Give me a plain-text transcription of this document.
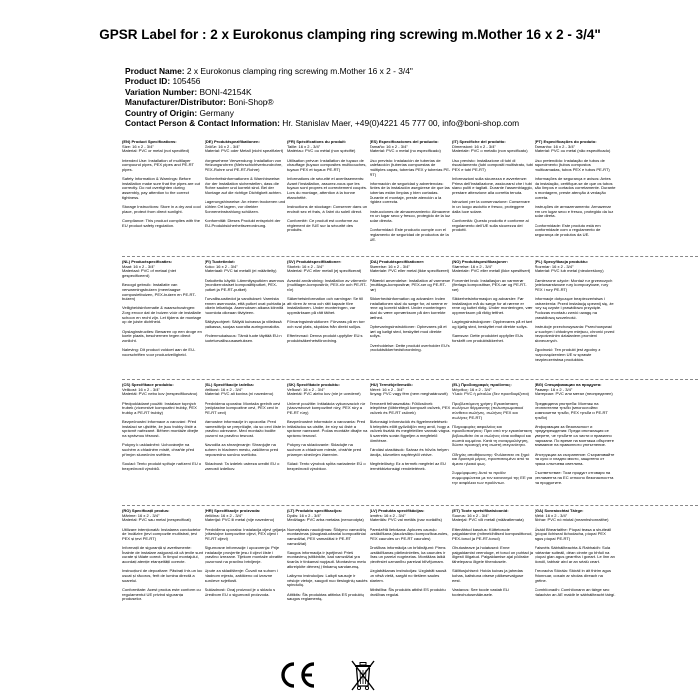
GPSR Label for : 2 x Eurokonus clamping ring screwing m.Mother 16 x 2 - 3/4"
Product Name: 2 x Eurokonus clamping ring screwing m.Mother 16 x 2 - 3/4"
Product ID: 105456
Variation Number: BONI-42154K
Manufacturer/Distributor: Boni-Shop®
Country of Origin: Germany
Contact Person & Contact Information: Hr. Stanislav Maer, +49(0)4221 45 777 00, info@boni-shop.com
(EN) Product Specifications:
Size: 16 x 2 - 3/4"
Material: PVC or metal (not specified)
Intended Use: Installation of multilayer compound pipes, PEX pipes and PE-RT pipes.
Safety Information & Warnings: Before installation make sure that the pipes are cut correctly. Do not overtighten during assembly, pay attention to the correct tightness.
Storage Instructions: Store in a dry and cool place, protect from direct sunlight.
Compliance: This product complies with the EU product safety regulation.
(DE) Produktspezifikationen:
Größe: 16 x 2 - 3/4"
Material: PVC oder Metall (nicht spezifiziert)
Vorgesehene Verwendung: Installation von Heizungsrohren (Mehrschichtverbundrohre, PEX-Rohre und PE-RT-Rohre)
Sicherheitsinformationen & Warnhinweise: Vor der Installation sicherstellen, dass die Rohre sauber und korrekt sind. Bei der Montage auf die richtige Dichtigkeit achten.
Lagerungshinweise: An einem trockenen und kühlen Ort lagern, vor direkter Sonneneinstrahlung schützen.
Konformität: Dieses Produkt entspricht der EU-Produktsicherheitsverordnung.
(FR) Spécifications du produit:
Taille: 16 x 2 - 3/4"
Matériau: PVC ou métal (non spécifié)
Utilisation prévue: Installation de tuyaux de chauffage (tuyaux composites multicouches, tuyaux PEX et tuyaux PE-RT)
Informations de sécurité et avertissements: Avant l'installation, assurez-vous que les tuyaux sont propres et correctement coupés. Lors du montage, attention à la bonne étanchéité.
Instructions de stockage: Conserver dans un endroit sec et frais, à l'abri du soleil direct.
Conformité: Ce produit est conforme au règlement de l'UE sur la sécurité des produits.
(ES) Especificaciones del producto:
Tamaño: 16 x 2 - 3/4"
Material: PVC o metal (no especificado)
Uso previsto: Instalación de tuberías de calefacción (tuberías compuestas de múltiples capas, tuberías PEX y tuberías PE-RT)
Información de seguridad y advertencias: Antes de la instalación asegúrese de que las tuberías están limpias y bien cortadas. Durante el montaje, preste atención a la rigidez correcta.
Instrucciones de almacenamiento: Almacene en un lugar seco y fresco, protegido de la luz solar directa.
Conformidad: Este producto cumple con el reglamento de seguridad de productos de la UE.
(IT) Specifiche del prodotto:
Dimensioni: 16 x 2 - 3/4"
Materiale: PVC o metallo (non specificato)
Uso previsto: Installazione di tubi di riscaldamento (tubi compositi multistrato, tubi PEX e tubi PE-RT)
Informazioni sulla sicurezza e avvertenze: Prima dell'installazione, assicurarsi che i tubi siano puliti e tagliati. Durante l'assemblaggio, prestare attenzione alla corretta tenuta.
Istruzioni per la conservazione: Conservare in un luogo asciutto e fresco, proteggere dalla luce solare.
Conformità: Questo prodotto è conforme al regolamento dell'UE sulla sicurezza dei prodotti.
(PT) Especificações do produto:
Tamanho: 16 x 2 - 3/4"
Material: PVC ou metal (não especificado)
Uso pretendido: Instalação de tubos de aquecimento (tubos compostos multicamadas, tubos PEX e tubos PE-RT)
Informações de segurança e avisos: Antes da instalação, certifique-se de que os tubos são limpos e cortados corretamente. Durante a montagem, preste atenção à vedação correta.
Instruções de armazenamento: Armazenar em um lugar seco e fresco, protegido da luz solar direta.
Conformidade: Este produto está em conformidade com o regulamento de segurança de produtos da UE.
(NL) Productspecificaties:
Maat: 16 x 2 - 3/4"
Materiaal: PVC of metaal (niet gespecificeerd)
Beoogd gebruik: Installatie van verwarmingsbuizen (meerlaagse composietbuizen, PEX-buizen en PE-RT-buizen)
Veiligheidsinformatie & waarschuwingen: Zorg ervoor dat de buizen vóór de installatie schoon en recht zijn. Let tijdens de montage op de juiste dichtheid.
Opslaginstructies: Bewaren op een droge en koele plaats, beschermen tegen direct zonlicht.
Naleving: Dit product voldoet aan de EU-voorschriften voor productveiligheid.
(FI) Tuotetiedot:
Koko: 16 x 2 - 3/4"
Materiaali: PVC tai metalli (ei määritelty)
Tarkoitettu käyttö: Lämmitysputkien asennus (monikerroksiset komposiittiputket, PEX-putket ja PE-RT-putket)
Turvallisuustiedot ja varoitukset: Varmista ennen asennusta, että putket ovat puhtaita ja oikein leikattuja. Asennuksen aikana kiinnitä huomiota oikeaan tiiviyteen.
Säilytysohjeet: Säilytä kuivassa ja viileässä paikassa, suojaa suoralta auringonvalolta.
Yhdenmukaisuus: Tämä tuote täyttää EU:n tuoteturvallisuusasetuksen.
(SV) Produktspecifikationer:
Storlek: 16 x 2 - 3/4"
Material: PVC eller metall (ej specificerat)
Avsedd användning: Installation av värmerör (multilager-kompositrör, PEX-rör och PE-RT-rör)
Säkerhetsinformation och varningar: Se till att rören är rena och rätt kapade före installationen. Under monteringen, var uppmärksam på rätt täthet.
Förvaringsinstruktioner: Förvaras på en torr och sval plats, skyddas från direkt solljus.
Efterlevnad: Denna produkt uppfyller EU:s produktsäkerhetsförordning.
(DA) Produktspecifikationer:
Størrelse: 16 x 2 - 3/4"
Materiale: PVC eller metal (ikke specificeret)
Påtænkt anvendelse: Installation af varmerør (multilags-kompositrør, PEX-rør og PE-RT-rør)
Sikkerhedsinformation og advarsler: Inden installationen skal du sørge for, at rørene er rene og korrekt skåret. Under monteringen skal du være opmærksom på den korrekte tæthed.
Opbevaringsinstruktioner: Opbevares på et tørt og køligt sted, beskyttet mod direkte sollys.
Overholdelse: Dette produkt overholder EU's produktsikkerhedsforordning.
(NO) Produktspesifikasjoner:
Størrelse: 16 x 2 - 3/4"
Materiale: PVC eller metall (ikke spesifisert)
Forventet bruk: Installasjon av varmerør (flerlags komposittrør, PEX-rør og PE-RT-rør)
Sikkerhetsinformasjon og advarsler: Før installasjon må du sørge for at rørene er rene og kuttet riktig. Under monteringen, vær oppmerksom på riktig tetthet.
Lagringsinstruksjoner: Oppbevares på et tørt og kjølig sted, beskyttet mot direkte sollys.
Samsvar: Dette produktet oppfyller EUs forskrift om produktsikkerhet.
(PL) Specyfikacja produktu:
Rozmiar: 16 x 2 - 3/4"
Materiał: PVC lub metal (nieokreślony)
Zamierzone użycie: Montaż rur grzewczych (wielowarstwowe rury kompozytowe, rury PEX i rury PE-RT)
Informacje dotyczące bezpieczeństwa i ostrzeżenia: Przed instalacją upewnij się, że rury są czyste i prawidłowo przycięte. Podczas montażu zwróć uwagę na prawidłową szczelność.
Instrukcje przechowywania: Przechowywać w suchym i chłodnym miejscu, chronić przed bezpośrednim działaniem promieni słonecznych.
Zgodność: Ten produkt jest zgodny z rozporządzeniem UE w sprawie bezpieczeństwa produktów.
(CS) Specifikace produktu:
Velikost: 16 x 2 - 3/4"
Materiál: PVC nebo kov (nespecifikováno)
Předpokládané použití: Instalace topných trubek (vícevrstvé kompozitní trubky, PEX trubky a PE-RT trubky)
Bezpečnostní informace a varování: Před instalací se ujistěte, že jsou trubky čisté a správně nařezané. Během montáže dbejte na správnou těsnost.
Pokyny k uskladnění: Uchovávejte na suchém a chladném místě, chraňte před přímým slunečním světlem.
Soulad: Tento produkt splňuje nařízení EU o bezpečnosti výrobků.
(SL) Specifikacije izdelka:
Velikost: 16 x 2 - 3/4"
Material: PVC ali kovina (ni navedeno)
Predvidena uporaba: Montaža grelnih cevi (večplastne kompozitne cevi, PEX cevi in PE-RT cevi)
Varnostne informacije in opozorila: Pred namestitvijo se prepričajte, da so cevi čiste in pravilno odrezane. Med montažo bodite pozorni na pravilno tesnost.
Navodila za shranjevanje: Shranjujte na suhem in hladnem mestu, zaščiteno pred neposredno sončno svetlobo.
Skladnost: Ta izdelek ustreza uredbi EU o varnosti izdelkov.
(SK) Špecifikácie produktu:
Veľkosť: 16 x 2 - 3/4"
Materiál: PVC alebo kov (nie je uvedené)
Určené použitie: Inštalácia vykurovacích rúr (viacvrstvové kompozitné rúry, PEX rúry a PE-RT rúry)
Bezpečnostné informácie a varovania: Pred inštaláciou sa uistite, že rúry sú čisté a správne narezané. Počas montáže dbajte na správnu tesnosť.
Pokyny na skladovanie: Skladujte na suchom a chladnom mieste, chráňte pred priamym slnečným žiarením.
Súlad: Tento výrobok spĺňa nariadenie EÚ o bezpečnosti výrobkov.
(HU) Termékjellemzők:
Méret: 16 x 2 - 3/4"
Anyag: PVC vagy fém (nem meghatározott)
Tervezett felhasználás: Fűtőcsövek telepítése (többrétegű kompozit csövek, PEX csövek és PE-RT csövek)
Biztonsági információk és figyelmeztetések: A telepítés előtt győződjön meg arról, hogy a csövek tiszták és megfelelően vannak vágva. A szerelés során figyeljen a megfelelő tömítésre.
Tárolási utasítások: Száraz és hűvös helyen tárolja, közvetlen napfénytől védve.
Megfelelőség: Ez a termék megfelel az EU termékbiztonsági rendeletének.
(EL) Προδιαγραφές προϊόντος:
Μέγεθος: 16 x 2 - 3/4"
Υλικό: PVC ή μέταλλο (δεν προσδιορίζεται)
Προβλεπόμενη χρήση: Εγκατάσταση σωλήνων θέρμανσης (πολυστρωματικοί σύνθετοι σωλήνες, σωλήνες PEX και σωλήνες PE-RT)
Πληροφορίες ασφαλείας και προειδοποιήσεις: Πριν από την εγκατάσταση βεβαιωθείτε ότι οι σωλήνες είναι καθαροί και σωστά κομμένοι. Κατά τη συναρμολόγηση, δώστε προσοχή στη σωστή στεγανότητα.
Οδηγίες αποθήκευσης: Φυλάσσετε σε ξηρό και δροσερό μέρος, προστατευμένο από το άμεσο ηλιακό φως.
Συμμόρφωση: Αυτό το προϊόν συμμορφώνεται με τον κανονισμό της ΕΕ για την ασφάλεια των προϊόντων.
(BG) Спецификации на продукта:
Размер: 16 x 2 - 3/4"
Материал: PVC или метал (неопределен)
Предвидена употреба: Монтаж на отоплителни тръби (многослойни композитни тръби, PEX тръби и PE-RT тръби)
Информация за безопасност и предупреждения: Преди инсталация се уверете, че тръбите са чисти и правилно нарязани. По време на монтажа обърнете внимание на правилното уплътнение.
Инструкции за съхранение: Съхранявайте на сухо и хладно място, защитено от пряка слънчева светлина.
Съответствие: Този продукт отговаря на регламента на ЕС относно безопасността на продуктите.
(RO) Specificații produs:
Mărime: 16 x 2 - 3/4"
Material: PVC sau metal (nespecificat)
Utilizare intenționată: Instalarea conductelor de încălzire (țevi compozite multistrat, țevi PEX și țevi PE-RT)
Informații de siguranță și avertismente: Înainte de instalare asigurați-vă că țevile sunt curate și tăiate corect. În timpul montajului, acordați atenție etanșeității corecte.
Instrucțiuni de depozitare: Păstrați într-un loc uscat și răcoros, ferit de lumina directă a soarelui.
Conformitate: Acest produs este conform cu regulamentul UE privind siguranța produselor.
(HR) Specifikacije proizvoda:
Veličina: 16 x 2 - 3/4"
Materijal: PVC ili metal (nije navedeno)
Predviđena uporaba: Instalacija cijevi grijanja (višeslojne kompozitne cijevi, PEX cijevi i PE-RT cijevi)
Sigurnosne informacije i upozorenja: Prije instalacije provjerite jesu li cijevi čiste i pravilno izrezane. Tijekom montaže obratite pozornost na pravilno brtvljenje.
Upute za skladištenje: Čuvati na suhom i hladnom mjestu, zaštićeno od izravne sunčeve svjetlosti.
Sukladnost: Ovaj proizvod je u skladu s Uredbom EU o sigurnosti proizvoda.
(LT) Produkto specifikacijos:
Dydis: 16 x 2 - 3/4"
Medžiaga: PVC arba metalas (nenurodyta)
Numatytasis naudojimas: Šildymo vamzdžių montavimas (daugiasluoksniai kompozitiniai vamzdžiai, PEX vamzdžiai ir PE-RT vamzdžiai)
Saugos informacija ir įspėjimai: Prieš montavimą įsitikinkite, kad vamzdžiai yra švarūs ir tinkamai nupjauti. Montavimo metu atkreipkite dėmesį į tinkamą sandarumą.
Laikymo instrukcijos: Laikyti sausoje ir vėsioje vietoje, saugoti nuo tiesioginių saulės spindulių.
Atitiktis: Šis produktas atitinka ES produktų saugos reglamentą.
(LV) Produkta specifikācijas:
Izmērs: 16 x 2 - 3/4"
Materiāls: PVC vai metāls (nav norādīts)
Paredzētā lietošana: Apkures cauruļu uzstādīšana (daudzslāņu kompozītcaurules, PEX caurules un PE-RT caurules)
Drošības informācija un brīdinājumi: Pirms uzstādīšanas pārliecinieties, ka caurules ir tīras un pareizi nogrieztas. Montāžas laikā pievērsiet uzmanību pareizai blīvējumam.
Uzglabāšanas instrukcijas: Uzglabāt sausā un vēsā vietā, sargāt no tiešiem saules stariem.
Atbilstība: Šis produkts atbilst ES produktu drošības regulai.
(ET) Toote spetsifikatsioonid:
Suurus: 16 x 2 - 3/4"
Materjal: PVC või metall (määratlemata)
Ettenähtud kasutus: Küttetorude paigaldamine (mitmekihilised komposiittorud, PEX-torud ja PE-RT-torud)
Ohutusteave ja hoiatused: Enne paigaldamist veenduge, et torud on puhtad ja õigesti lõigatud. Paigaldamise ajal pöörake tähelepanu õigele tihendusele.
Säilitusjuhised: Hoida kuivas ja jahedas kohas, kaitstuna otsese päikesevalguse eest.
Vastavus: See toode vastab ELi tooteohutusmäärusele.
(GA) Sonraíochtaí Táirge:
Méid: 16 x 2 - 3/4"
Ábhar: PVC nó miotal (neamhshonraithe)
Úsáid Bheartaithe: Píopaí teasa a shuiteáil (píopaí ilchiseal ilchodacha, píopaí PEX agus píopaí PE-RT)
Faisnéis Sábháilteachta & Rabhaidh: Sula ndéantar suiteáil, déan cinnte go bhfuil na píopaí glan agus gearrtha i gceart. Le linn an tionóil, tabhair aird ar an séalú ceart.
Treoracha Stórála: Stóráil in áit thirim agus fhionnuar, cosain ar sholas díreach na gréine.
Comhlíonadh: Comhlíonann an táirge seo rialachán an AE maidir le sábháilteacht táirgí.
